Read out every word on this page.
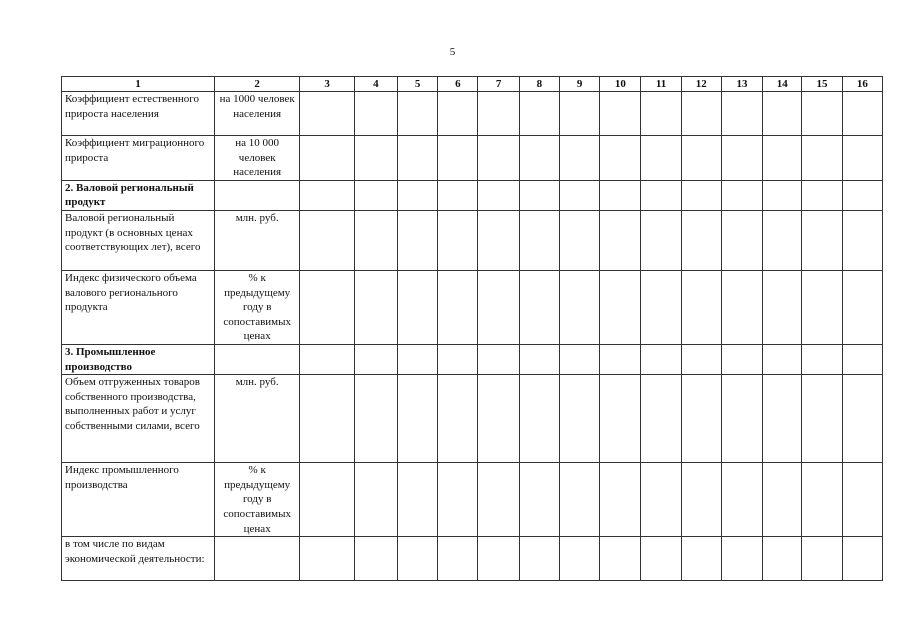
5
1	2	3	4	5	6	7	8	9	10	11	12	13	14	15	16
Коэффициент естественного прироста населения	на 1000 человек населения														
Коэффициент миграционного прироста	на 10 000 человек населения														
2. Валовой региональный продукт															
Валовой региональный продукт (в основных ценах соответствующих лет), всего	млн. руб.														
Индекс физического объема валового регионального продукта	% к предыдущему году в сопоставимых ценах														
3. Промышленное производство															
Объем отгруженных товаров собственного производства, выполненных работ и услуг собственными силами, всего	млн. руб.														
Индекс промышленного производства	% к предыдущему году в сопоставимых ценах														
в том числе по видам экономической деятельности:															
